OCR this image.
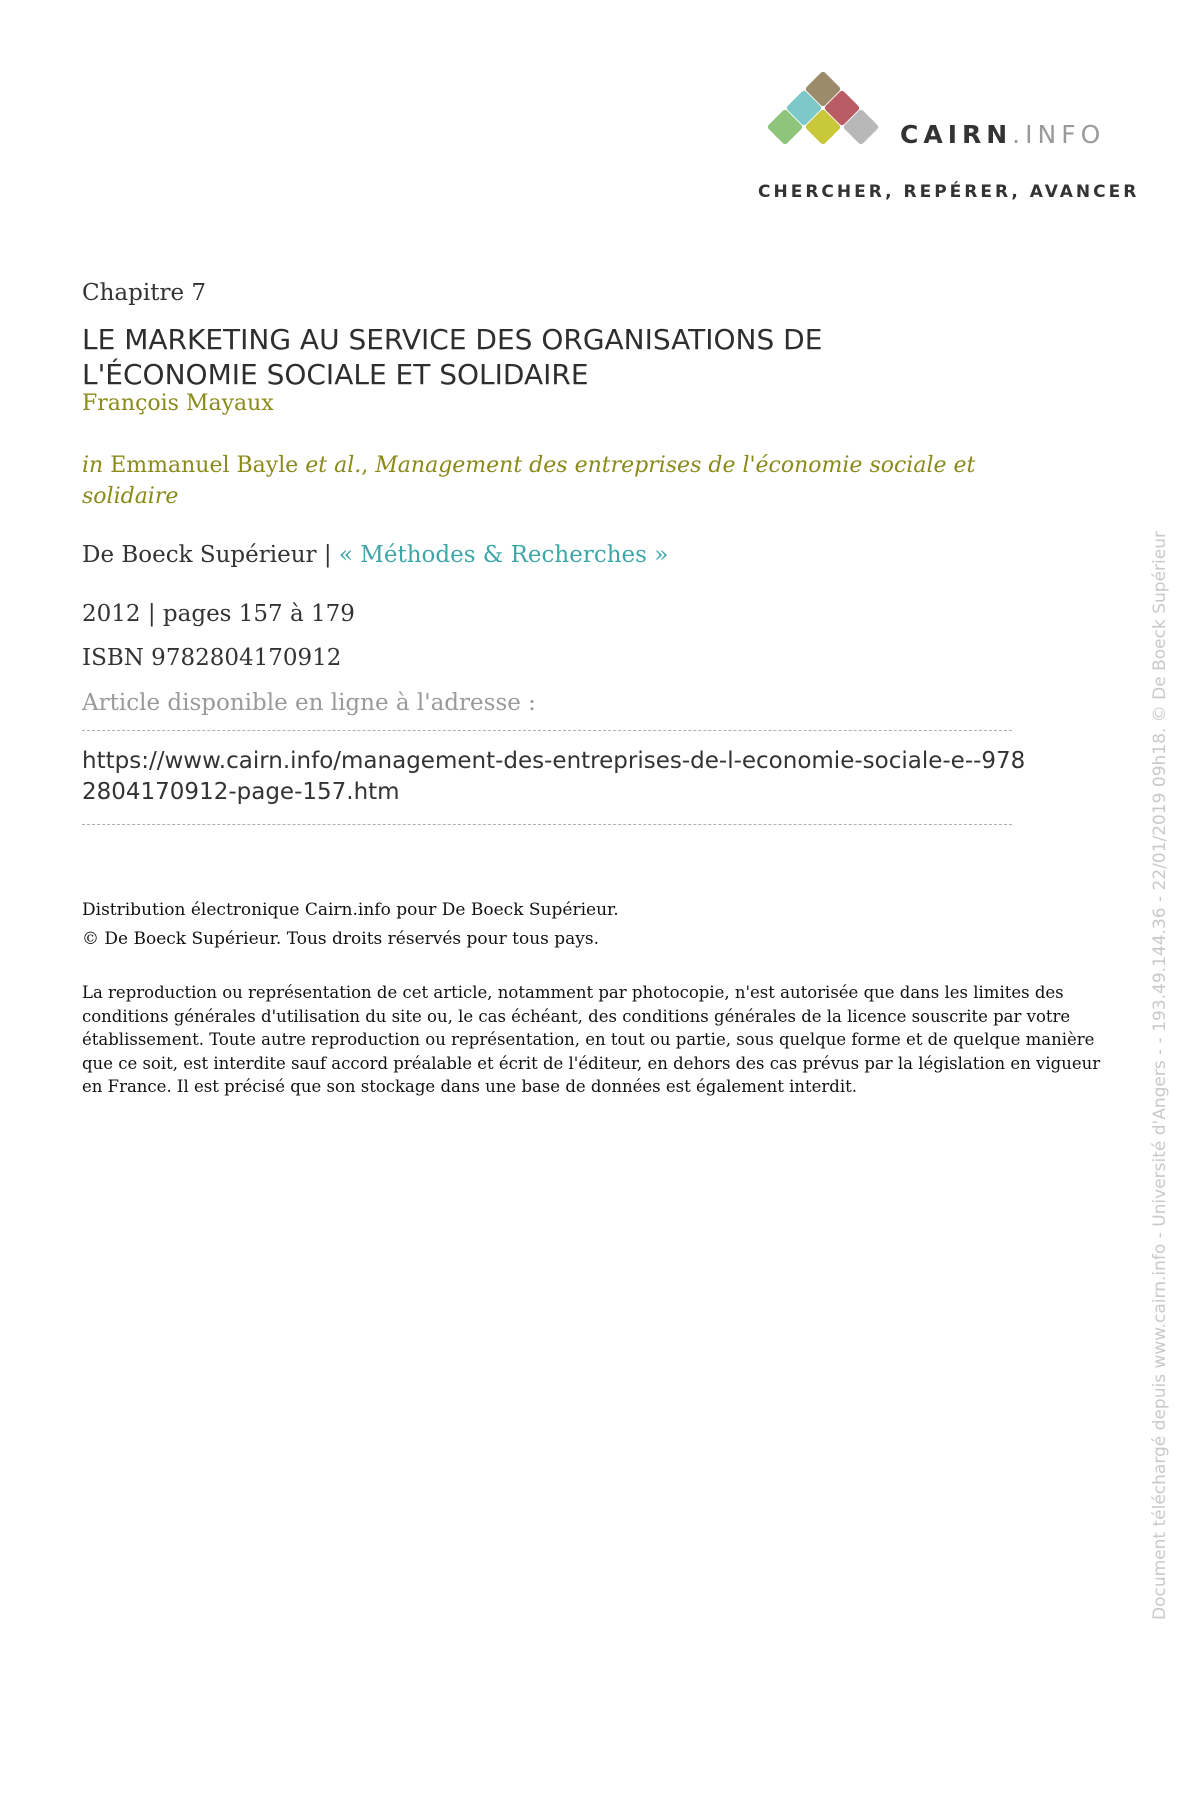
CAIRN.INFO
CHERCHER, REPÉRER, AVANCER
Chapitre 7
LE MARKETING AU SERVICE DES ORGANISATIONS DE L'ÉCONOMIE SOCIALE ET SOLIDAIRE
François Mayaux
in Emmanuel Bayle et al., Management des entreprises de l'économie sociale et solidaire
De Boeck Supérieur | « Méthodes & Recherches »
2012 | pages 157 à 179
ISBN 9782804170912
Article disponible en ligne à l'adresse :
https://www.cairn.info/management-des-entreprises-de-l-economie-sociale-e--9782804170912-page-157.htm
Distribution électronique Cairn.info pour De Boeck Supérieur.
© De Boeck Supérieur. Tous droits réservés pour tous pays.
La reproduction ou représentation de cet article, notamment par photocopie, n'est autorisée que dans les limites des conditions générales d'utilisation du site ou, le cas échéant, des conditions générales de la licence souscrite par votre établissement. Toute autre reproduction ou représentation, en tout ou partie, sous quelque forme et de quelque manière que ce soit, est interdite sauf accord préalable et écrit de l'éditeur, en dehors des cas prévus par la législation en vigueur en France. Il est précisé que son stockage dans une base de données est également interdit.	Document téléchargé depuis www.cairn.info - Université d'Angers - - 193.49.144.36 - 22/01/2019 09h18. © De Boeck Supérieur
